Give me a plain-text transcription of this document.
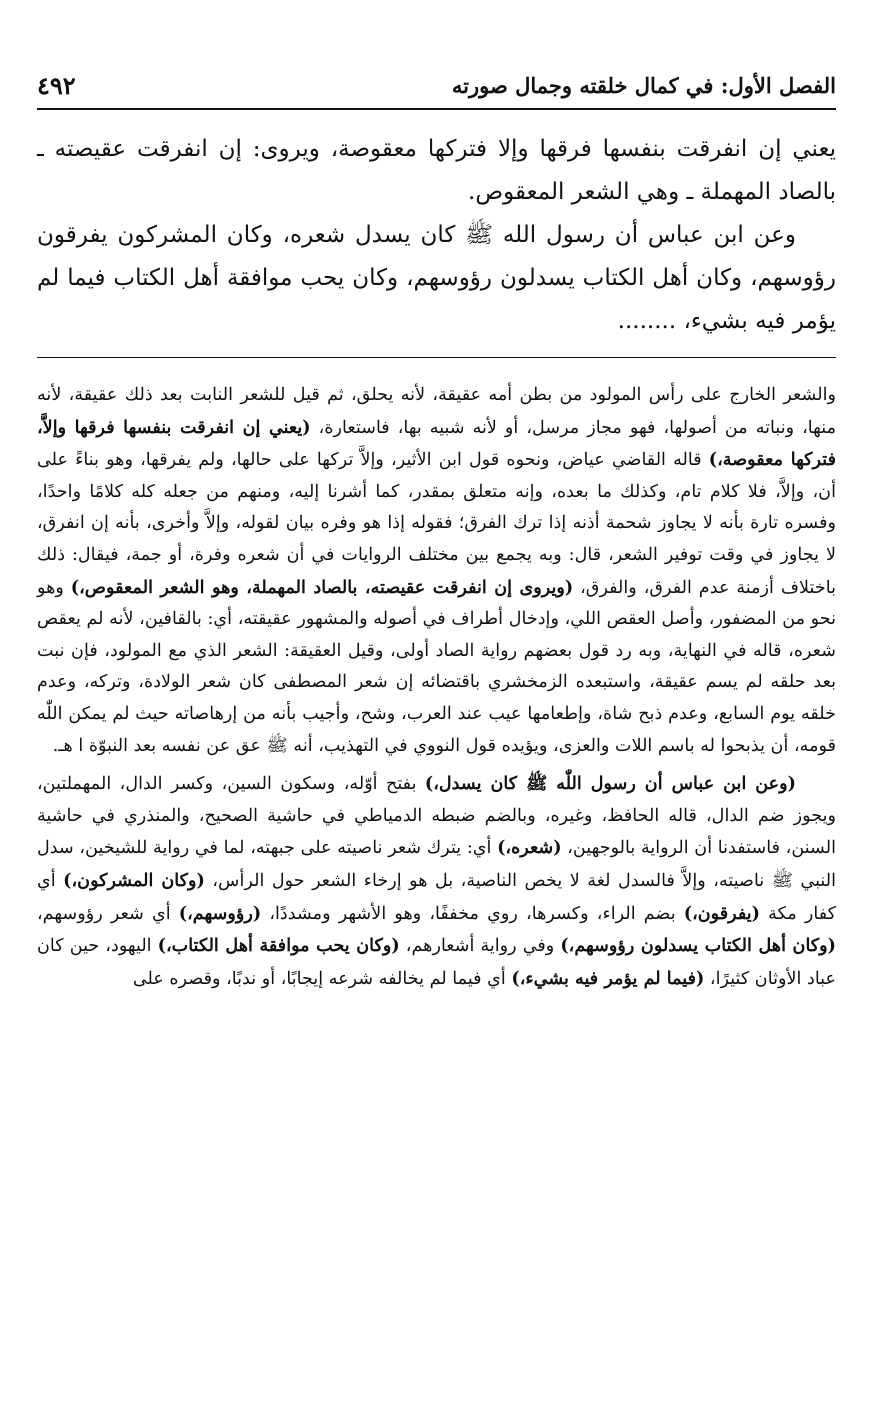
الفصل الأول: في كمال خلقته وجمال صورته
٤٩٢

يعني إن انفرقت بنفسها فرقها وإلا فتركها معقوصة، ويروى: إن انفرقت عقيصته ـ بالصاد المهملة ـ وهي الشعر المعقوص.

وعن ابن عباس أن رسول الله ﷺ كان يسدل شعره، وكان المشركون يفرقون رؤوسهم، وكان أهل الكتاب يسدلون رؤوسهم، وكان يحب موافقة أهل الكتاب فيما لم يؤمر فيه بشيء، ........

والشعر الخارج على رأس المولود من بطن أمه عقيقة، لأنه يحلق، ثم قيل للشعر النابت بعد ذلك عقيقة، لأنه منها، ونباته من أصولها، فهو مجاز مرسل، أو لأنه شبيه بها، فاستعارة، (يعني إن انفرقت بنفسها فرقها وإلاَّ، فتركها معقوصة،) قاله القاضي عياض، ونحوه قول ابن الأثير، وإلاَّ تركها على حالها، ولم يفرقها، وهو بناءً على أن، وإلاَّ، فلا كلام تام، وكذلك ما بعده، وإنه متعلق بمقدر، كما أشرنا إليه، ومنهم من جعله كله كلامًا واحدًا، وفسره تارة بأنه لا يجاوز شحمة أذنه إذا ترك الفرق؛ فقوله إذا هو وفره بيان لقوله، وإلاَّ وأخرى، بأنه إن انفرق، لا يجاوز في وقت توفير الشعر، قال: وبه يجمع بين مختلف الروايات في أن شعره وفرة، أو جمة، فيقال: ذلك باختلاف أزمنة عدم الفرق، والفرق، (ويروى إن انفرقت عقيصته، بالصاد المهملة، وهو الشعر المعقوص،) وهو نحو من المضفور، وأصل العقص اللي، وإدخال أطراف في أصوله والمشهور عقيقته، أي: بالقافين، لأنه لم يعقص شعره، قاله في النهاية، وبه رد قول بعضهم رواية الصاد أولى، وقيل العقيقة: الشعر الذي مع المولود، فإن نبت بعد حلقه لم يسم عقيقة، واستبعده الزمخشري باقتضائه إن شعر المصطفى كان شعر الولادة، وتركه، وعدم خلقه يوم السابع، وعدم ذبح شاة، وإطعامها عيب عند العرب، وشح، وأجيب بأنه من إرهاصاته حيث لم يمكن اللّٰه قومه، أن يذبحوا له باسم اللات والعزى، ويؤيده قول النووي في التهذيب، أنه ﷺ عق عن نفسه بعد النبوّة ا هـ.

(وعن ابن عباس أن رسول اللّٰه ﷺ كان يسدل،) بفتح أوّله، وسكون السين، وكسر الدال، المهملتين، ويجوز ضم الدال، قاله الحافظ، وغيره، وبالضم ضبطه الدمياطي في حاشية الصحيح، والمنذري في حاشية السنن، فاستفدنا أن الرواية بالوجهين، (شعره،) أي: يترك شعر ناصيته على جبهته، لما في رواية للشيخين، سدل النبي ﷺ ناصيته، وإلاَّ فالسدل لغة لا يخص الناصية، بل هو إرخاء الشعر حول الرأس، (وكان المشركون،) أي كفار مكة (يفرقون،) بضم الراء، وكسرها، روي مخففًا، وهو الأشهر ومشددًا، (رؤوسهم،) أي شعر رؤوسهم، (وكان أهل الكتاب يسدلون رؤوسهم،) وفي رواية أشعارهم، (وكان يحب موافقة أهل الكتاب،) اليهود، حين كان عباد الأوثان كثيرًا، (فيما لم يؤمر فيه بشيء،) أي فيما لم يخالفه شرعه إيجابًا، أو ندبًا، وقصره على
